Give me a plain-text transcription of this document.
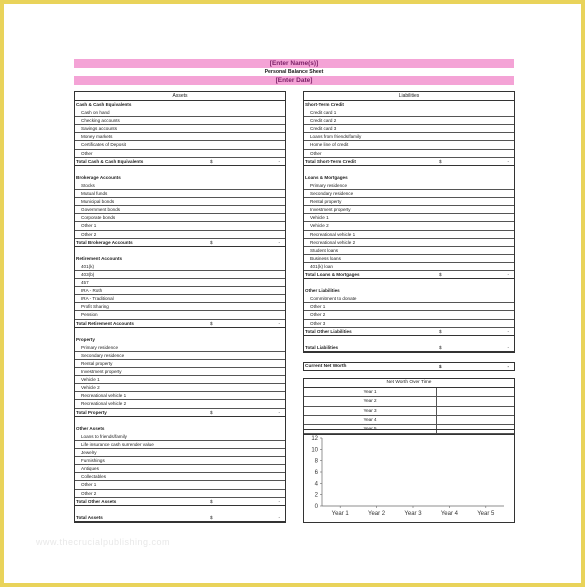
[Enter Name(s)]
Personal Balance Sheet
[Enter Date]
Assets
Cash & Cash Equivalents
Cash on hand
Checking accounts
Savings accounts
Money markets
Certificates of Deposit
Other
Total Cash & Cash Equivalents	$	-
Brokerage Accounts
Stocks
Mutual funds
Municipal bonds
Government bonds
Corporate bonds
Other 1
Other 2
Total Brokerage Accounts	$	-
Retirement Accounts
401(k)
403(b)
457
IRA - Roth
IRA - Traditional
Profit Sharing
Pension
Total Retirement Accounts	$	-
Property
Primary residence
Secondary residence
Rental property
Investment property
Vehicle 1
Vehicle 2
Recreational vehicle 1
Recreational vehicle 2
Total Property	$	-
Other Assets
Loans to friends/family
Life insurance cash surrender value
Jewelry
Furnishings
Antiques
Collectables
Other 1
Other 2
Total Other Assets	$	-
Total Assets	$	-
Liabilities
Short-Term Credit
Credit card 1
Credit card 2
Credit card 3
Loans from friends/family
Home line of credit
Other
Total Short-Term Credit	$	-
Loans & Mortgages
Primary residence
Secondary residence
Rental property
Investment property
Vehicle 1
Vehicle 2
Recreational vehicle 1
Recreational vehicle 2
Student loans
Business loans
401(k) loan
Total Loans & Mortgages	$	-
Other Liabilities
Commitment to donate
Other 1
Other 2
Other 3
Total Other Liabilities	$	-
Total Liabilities	$	-
Current Net Worth	$	-
Net Worth Over Time
Year 1
Year 2
Year 3
Year 4
Year 5
12
10
8
6
4
2
0
Year 1	Year 2	Year 3	Year 4	Year 5
www.thecrucialpublishing.com
